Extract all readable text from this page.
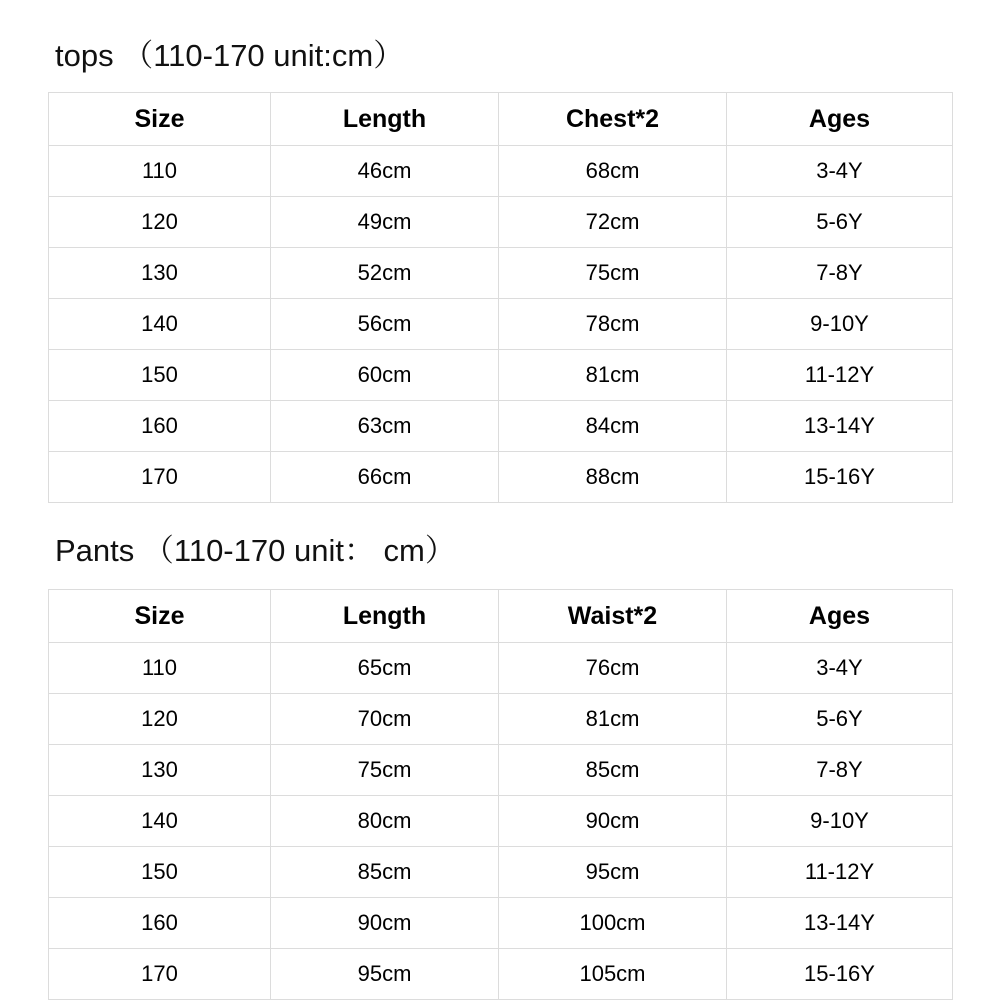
tops （110-170 unit:cm）
Size	Length	Chest*2	Ages
110	46cm	68cm	3-4Y
120	49cm	72cm	5-6Y
130	52cm	75cm	7-8Y
140	56cm	78cm	9-10Y
150	60cm	81cm	11-12Y
160	63cm	84cm	13-14Y
170	66cm	88cm	15-16Y
Pants （110-170 unit： cm）
Size	Length	Waist*2	Ages
110	65cm	76cm	3-4Y
120	70cm	81cm	5-6Y
130	75cm	85cm	7-8Y
140	80cm	90cm	9-10Y
150	85cm	95cm	11-12Y
160	90cm	100cm	13-14Y
170	95cm	105cm	15-16Y
